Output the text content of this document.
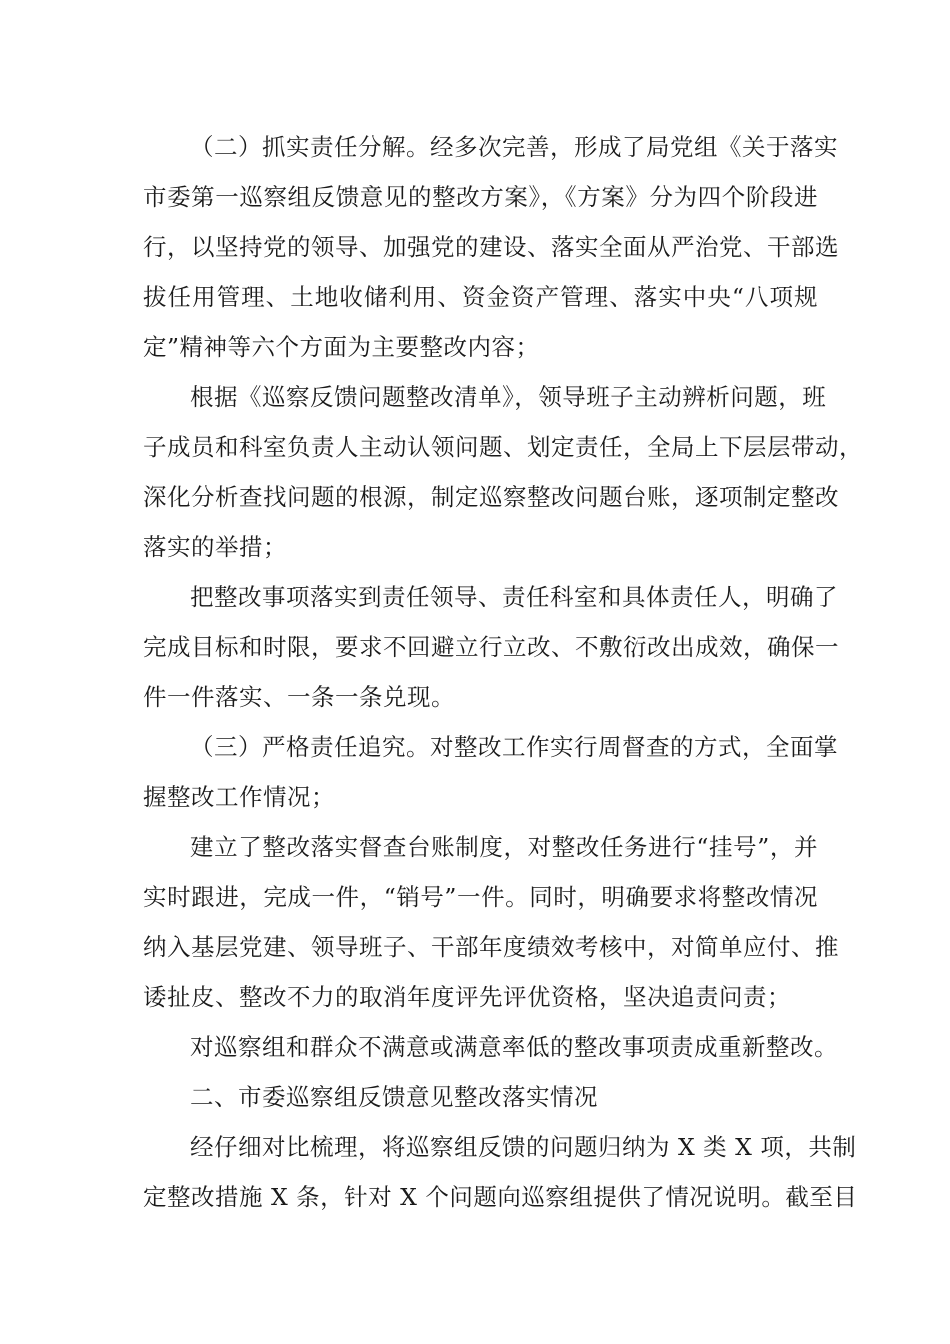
（二）抓实责任分解。经多次完善，形成了局党组《关于落实
市委第一巡察组反馈意见的整改方案》，《方案》分为四个阶段进
行，以坚持党的领导、加强党的建设、落实全面从严治党、干部选
拔任用管理、土地收储利用、资金资产管理、落实中央“八项规
定”精神等六个方面为主要整改内容；
根据《巡察反馈问题整改清单》，领导班子主动辨析问题，班
子成员和科室负责人主动认领问题、划定责任，全局上下层层带动，
深化分析查找问题的根源，制定巡察整改问题台账，逐项制定整改
落实的举措；
把整改事项落实到责任领导、责任科室和具体责任人，明确了
完成目标和时限，要求不回避立行立改、不敷衍改出成效，确保一
件一件落实、一条一条兑现。
（三）严格责任追究。对整改工作实行周督查的方式，全面掌
握整改工作情况；
建立了整改落实督查台账制度，对整改任务进行“挂号”，并
实时跟进，完成一件，“销号”一件。同时，明确要求将整改情况
纳入基层党建、领导班子、干部年度绩效考核中，对简单应付、推
诿扯皮、整改不力的取消年度评先评优资格，坚决追责问责；
对巡察组和群众不满意或满意率低的整改事项责成重新整改。
二、市委巡察组反馈意见整改落实情况
经仔细对比梳理，将巡察组反馈的问题归纳为 X 类 X 项，共制
定整改措施 X 条，针对 X 个问题向巡察组提供了情况说明。截至目
